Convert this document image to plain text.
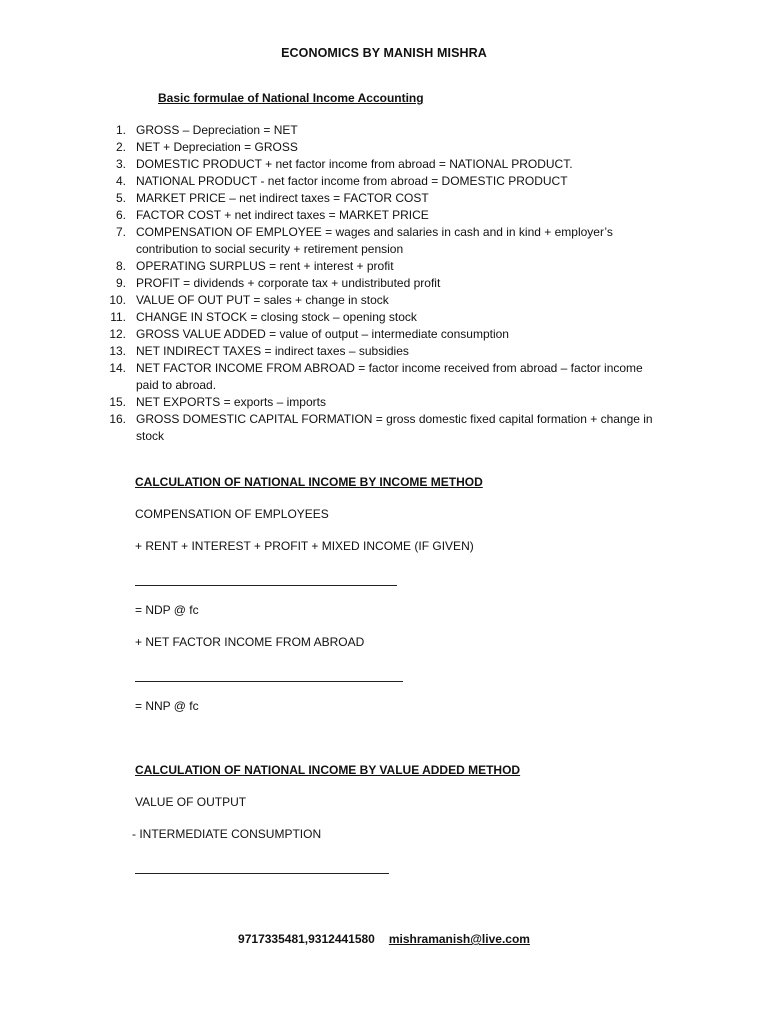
ECONOMICS BY MANISH MISHRA
Basic formulae of National Income Accounting
1. GROSS – Depreciation = NET
2. NET + Depreciation = GROSS
3. DOMESTIC PRODUCT + net factor income from abroad = NATIONAL PRODUCT.
4. NATIONAL PRODUCT - net factor income from abroad = DOMESTIC PRODUCT
5. MARKET PRICE – net indirect taxes = FACTOR COST
6. FACTOR COST + net indirect taxes = MARKET PRICE
7. COMPENSATION OF EMPLOYEE = wages and salaries in cash and in kind + employer’s contribution to social security + retirement pension
8. OPERATING SURPLUS = rent + interest + profit
9. PROFIT = dividends + corporate tax + undistributed profit
10. VALUE OF OUT PUT = sales + change in stock
11. CHANGE IN STOCK = closing stock – opening stock
12. GROSS VALUE ADDED = value of output – intermediate consumption
13. NET INDIRECT TAXES = indirect taxes – subsidies
14. NET FACTOR INCOME FROM ABROAD = factor income received from abroad – factor income paid to abroad.
15. NET EXPORTS = exports – imports
16. GROSS DOMESTIC CAPITAL FORMATION = gross domestic fixed capital formation + change in stock
CALCULATION OF NATIONAL INCOME BY INCOME METHOD
COMPENSATION OF EMPLOYEES
+ RENT + INTEREST + PROFIT + MIXED INCOME (IF GIVEN)
= NDP @ fc
+ NET FACTOR INCOME FROM ABROAD
= NNP @ fc
CALCULATION OF NATIONAL INCOME BY VALUE ADDED METHOD
VALUE OF OUTPUT
- INTERMEDIATE CONSUMPTION
9717335481,9312441580 mishramanish@live.com
